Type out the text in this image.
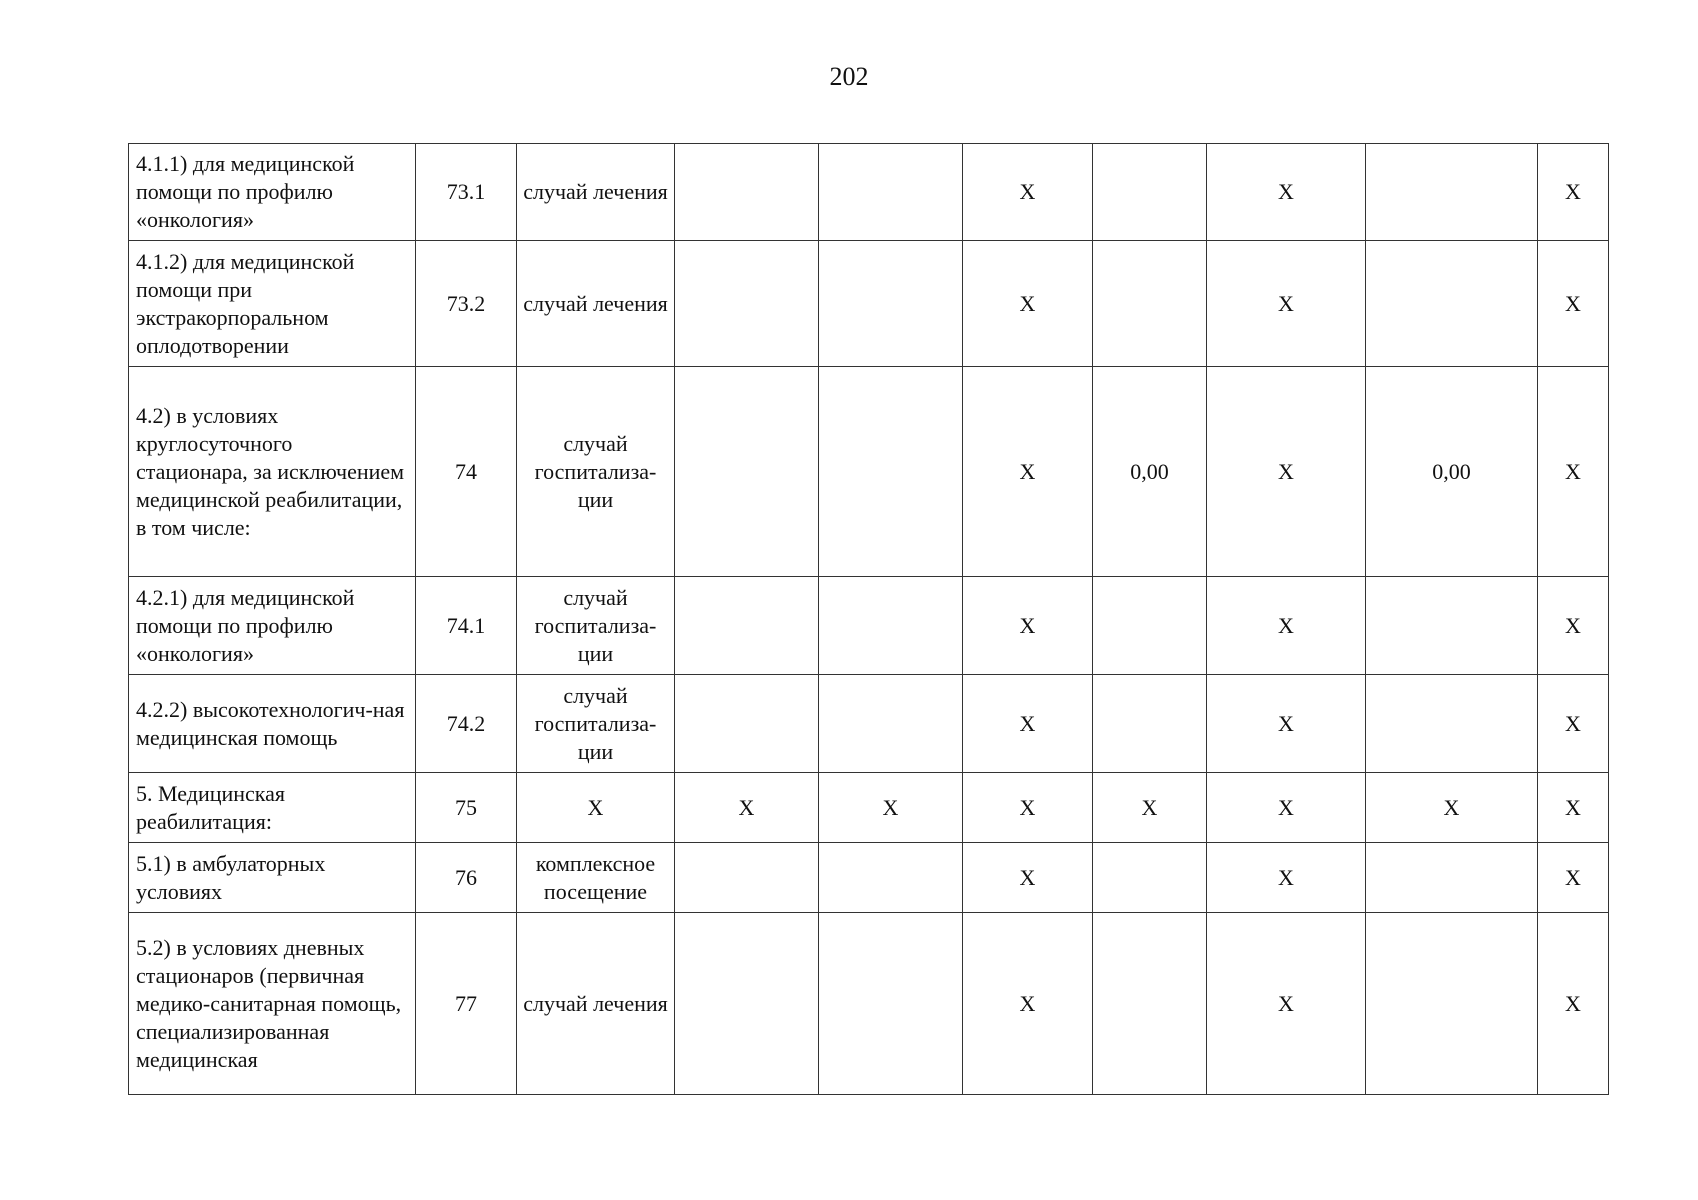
202
4.1.1) для медицинской помощи по профилю «онкология»	73.1	случай лечения			X		X		X
4.1.2) для медицинской помощи при экстракорпоральном оплодотворении	73.2	случай лечения			X		X		X
4.2) в условиях круглосуточного стационара, за исключением медицинской реабилитации, в том числе:	74	случай госпитализа-ции			X	0,00	X	0,00	X
4.2.1) для медицинской помощи по профилю «онкология»	74.1	случай госпитализа-ции			X		X		X
4.2.2) высокотехнологич-ная медицинская помощь	74.2	случай госпитализа-ции			X		X		X
5. Медицинская реабилитация:	75	X	X	X	X	X	X	X	X
5.1) в амбулаторных условиях	76	комплексное посещение			X		X		X
5.2) в условиях дневных стационаров (первичная медико-санитарная помощь, специализированная медицинская	77	случай лечения			X		X		X
